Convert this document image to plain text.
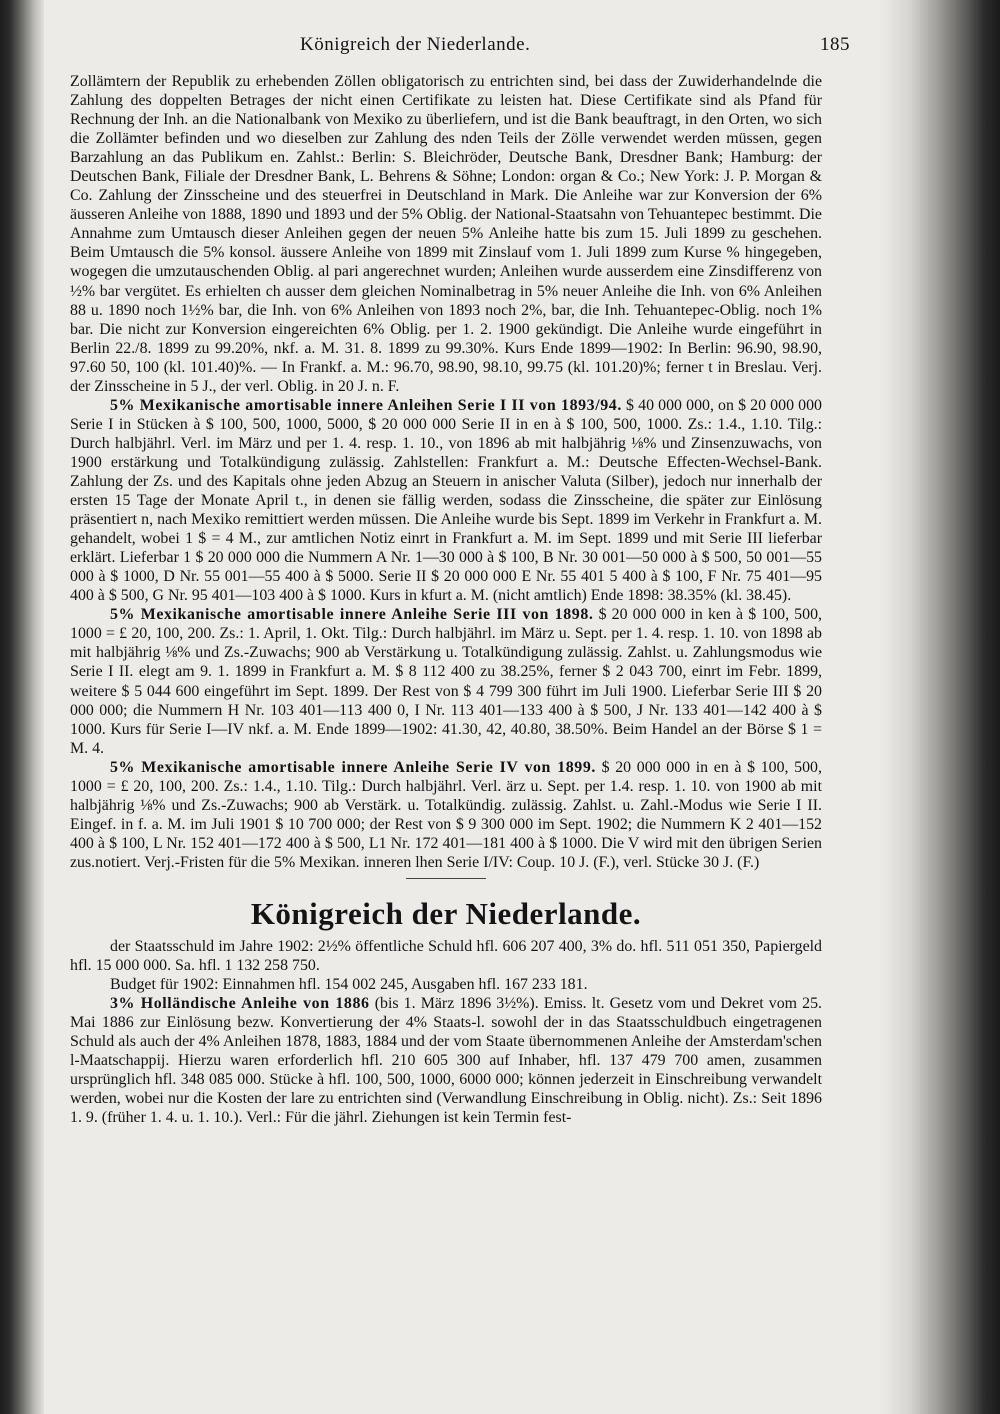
Königreich der Niederlande.	185

Zollämtern der Republik zu erhebenden Zöllen obligatorisch zu entrichten sind, bei dass der Zuwiderhandelnde die Zahlung des doppelten Betrages der nicht einen Certifikate zu leisten hat. Diese Certifikate sind als Pfand für Rechnung der Inh. an die Nationalbank von Mexiko zu überliefern, und ist die Bank beauftragt, in den Orten, wo sich die Zollämter befinden und wo dieselben zur Zahlung des nden Teils der Zölle verwendet werden müssen, gegen Barzahlung an das Publikum en. Zahlst.: Berlin: S. Bleichröder, Deutsche Bank, Dresdner Bank; Hamburg: der Deutschen Bank, Filiale der Dresdner Bank, L. Behrens & Söhne; London: organ & Co.; New York: J. P. Morgan & Co. Zahlung der Zinsscheine und des steuerfrei in Deutschland in Mark. Die Anleihe war zur Konversion der 6% äusseren Anleihe von 1888, 1890 und 1893 und der 5% Oblig. der National-Staatsahn von Tehuantepec bestimmt. Die Annahme zum Umtausch dieser Anleihen gegen der neuen 5% Anleihe hatte bis zum 15. Juli 1899 zu geschehen. Beim Umtausch die 5% konsol. äussere Anleihe von 1899 mit Zinslauf vom 1. Juli 1899 zum Kurse % hingegeben, wogegen die umzutauschenden Oblig. al pari angerechnet wurden; Anleihen wurde ausserdem eine Zinsdifferenz von ½% bar vergütet. Es erhielten ch ausser dem gleichen Nominalbetrag in 5% neuer Anleihe die Inh. von 6% Anleihen 88 u. 1890 noch 1½% bar, die Inh. von 6% Anleihen von 1893 noch 2%, bar, die Inh. Tehuantepec-Oblig. noch 1% bar. Die nicht zur Konversion eingereichten 6% Oblig. per 1. 2. 1900 gekündigt. Die Anleihe wurde eingeführt in Berlin 22./8. 1899 zu 99.20%, nkf. a. M. 31. 8. 1899 zu 99.30%. Kurs Ende 1899—1902: In Berlin: 96.90, 98.90, 97.60 50, 100 (kl. 101.40)%. — In Frankf. a. M.: 96.70, 98.90, 98.10, 99.75 (kl. 101.20)%; ferner t in Breslau. Verj. der Zinsscheine in 5 J., der verl. Oblig. in 20 J. n. F.

5% Mexikanische amortisable innere Anleihen Serie I II von 1893/94. $ 40 000 000, on $ 20 000 000 Serie I in Stücken à $ 100, 500, 1000, 5000, $ 20 000 000 Serie II in en à $ 100, 500, 1000. Zs.: 1.4., 1.10. Tilg.: Durch halbjährl. Verl. im März und per 1. 4. resp. 1. 10., von 1896 ab mit halbjährig ⅛% und Zinsenzuwachs, von 1900 erstärkung und Totalkündigung zulässig. Zahlstellen: Frankfurt a. M.: Deutsche Effecten-Wechsel-Bank. Zahlung der Zs. und des Kapitals ohne jeden Abzug an Steuern in anischer Valuta (Silber), jedoch nur innerhalb der ersten 15 Tage der Monate April t., in denen sie fällig werden, sodass die Zinsscheine, die später zur Einlösung präsentiert n, nach Mexiko remittiert werden müssen. Die Anleihe wurde bis Sept. 1899 im Verkehr in Frankfurt a. M. gehandelt, wobei 1 $ = 4 M., zur amtlichen Notiz einrt in Frankfurt a. M. im Sept. 1899 und mit Serie III lieferbar erklärt. Lieferbar 1 $ 20 000 000 die Nummern A Nr. 1—30 000 à $ 100, B Nr. 30 001—50 000 à $ 500, 50 001—55 000 à $ 1000, D Nr. 55 001—55 400 à $ 5000. Serie II $ 20 000 000 E Nr. 55 401 5 400 à $ 100, F Nr. 75 401—95 400 à $ 500, G Nr. 95 401—103 400 à $ 1000. Kurs in kfurt a. M. (nicht amtlich) Ende 1898: 38.35% (kl. 38.45).

5% Mexikanische amortisable innere Anleihe Serie III von 1898. $ 20 000 000 in ken à $ 100, 500, 1000 = £ 20, 100, 200. Zs.: 1. April, 1. Okt. Tilg.: Durch halbjährl. im März u. Sept. per 1. 4. resp. 1. 10. von 1898 ab mit halbjährig ⅛% und Zs.-Zuwachs; 900 ab Verstärkung u. Totalkündigung zulässig. Zahlst. u. Zahlungsmodus wie Serie I II. elegt am 9. 1. 1899 in Frankfurt a. M. $ 8 112 400 zu 38.25%, ferner $ 2 043 700, einrt im Febr. 1899, weitere $ 5 044 600 eingeführt im Sept. 1899. Der Rest von $ 4 799 300 führt im Juli 1900. Lieferbar Serie III $ 20 000 000; die Nummern H Nr. 103 401—113 400 0, I Nr. 113 401—133 400 à $ 500, J Nr. 133 401—142 400 à $ 1000. Kurs für Serie I—IV nkf. a. M. Ende 1899—1902: 41.30, 42, 40.80, 38.50%. Beim Handel an der Börse $ 1 = M. 4.

5% Mexikanische amortisable innere Anleihe Serie IV von 1899. $ 20 000 000 in en à $ 100, 500, 1000 = £ 20, 100, 200. Zs.: 1.4., 1.10. Tilg.: Durch halbjährl. Verl. ärz u. Sept. per 1.4. resp. 1. 10. von 1900 ab mit halbjährig ⅛% und Zs.-Zuwachs; 900 ab Verstärk. u. Totalkündig. zulässig. Zahlst. u. Zahl.-Modus wie Serie I II. Eingef. in f. a. M. im Juli 1901 $ 10 700 000; der Rest von $ 9 300 000 im Sept. 1902; die Nummern K 2 401—152 400 à $ 100, L Nr. 152 401—172 400 à $ 500, L1 Nr. 172 401—181 400 à $ 1000. Die V wird mit den übrigen Serien zus.notiert. Verj.-Fristen für die 5% Mexikan. inneren lhen Serie I/IV: Coup. 10 J. (F.), verl. Stücke 30 J. (F.)

Königreich der Niederlande.

der Staatsschuld im Jahre 1902: 2½% öffentliche Schuld hfl. 606 207 400, 3% do. hfl. 511 051 350, Papiergeld hfl. 15 000 000. Sa. hfl. 1 132 258 750.

Budget für 1902: Einnahmen hfl. 154 002 245, Ausgaben hfl. 167 233 181.

3% Holländische Anleihe von 1886 (bis 1. März 1896 3½%). Emiss. lt. Gesetz vom und Dekret vom 25. Mai 1886 zur Einlösung bezw. Konvertierung der 4% Staats-l. sowohl der in das Staatsschuldbuch eingetragenen Schuld als auch der 4% Anleihen 1878, 1883, 1884 und der vom Staate übernommenen Anleihe der Amsterdam'schen l-Maatschappij. Hierzu waren erforderlich hfl. 210 605 300 auf Inhaber, hfl. 137 479 700 amen, zusammen ursprünglich hfl. 348 085 000. Stücke à hfl. 100, 500, 1000, 6000 000; können jederzeit in Einschreibung verwandelt werden, wobei nur die Kosten der lare zu entrichten sind (Verwandlung Einschreibung in Oblig. nicht). Zs.: Seit 1896 1. 9. (früher 1. 4. u. 1. 10.). Verl.: Für die jährl. Ziehungen ist kein Termin fest-
